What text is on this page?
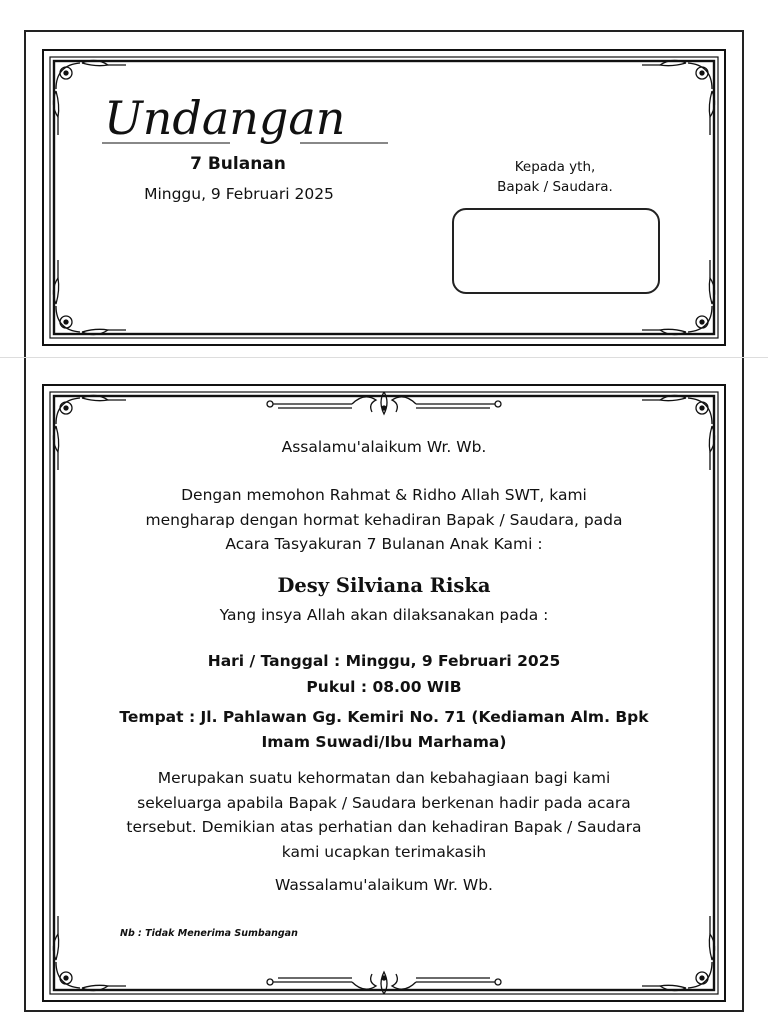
Undangan
7 Bulanan
Minggu, 9 Februari 2025
Kepada yth,
Bapak / Saudara.
Assalamu'alaikum Wr. Wb.
Dengan memohon Rahmat & Ridho Allah SWT, kami
mengharap dengan hormat kehadiran Bapak / Saudara, pada
Acara Tasyakuran 7 Bulanan Anak Kami :
Desy Silviana Riska
Yang insya Allah akan dilaksanakan pada :
Hari / Tanggal : Minggu, 9 Februari 2025
Pukul : 08.00 WIB
Tempat : Jl. Pahlawan Gg. Kemiri No. 71 (Kediaman Alm. Bpk
Imam Suwadi/Ibu Marhama)
Merupakan suatu kehormatan dan kebahagiaan bagi kami
sekeluarga apabila Bapak / Saudara berkenan hadir pada acara
tersebut. Demikian atas perhatian dan kehadiran Bapak / Saudara
kami ucapkan terimakasih
Wassalamu'alaikum Wr. Wb.
Nb : Tidak Menerima Sumbangan
